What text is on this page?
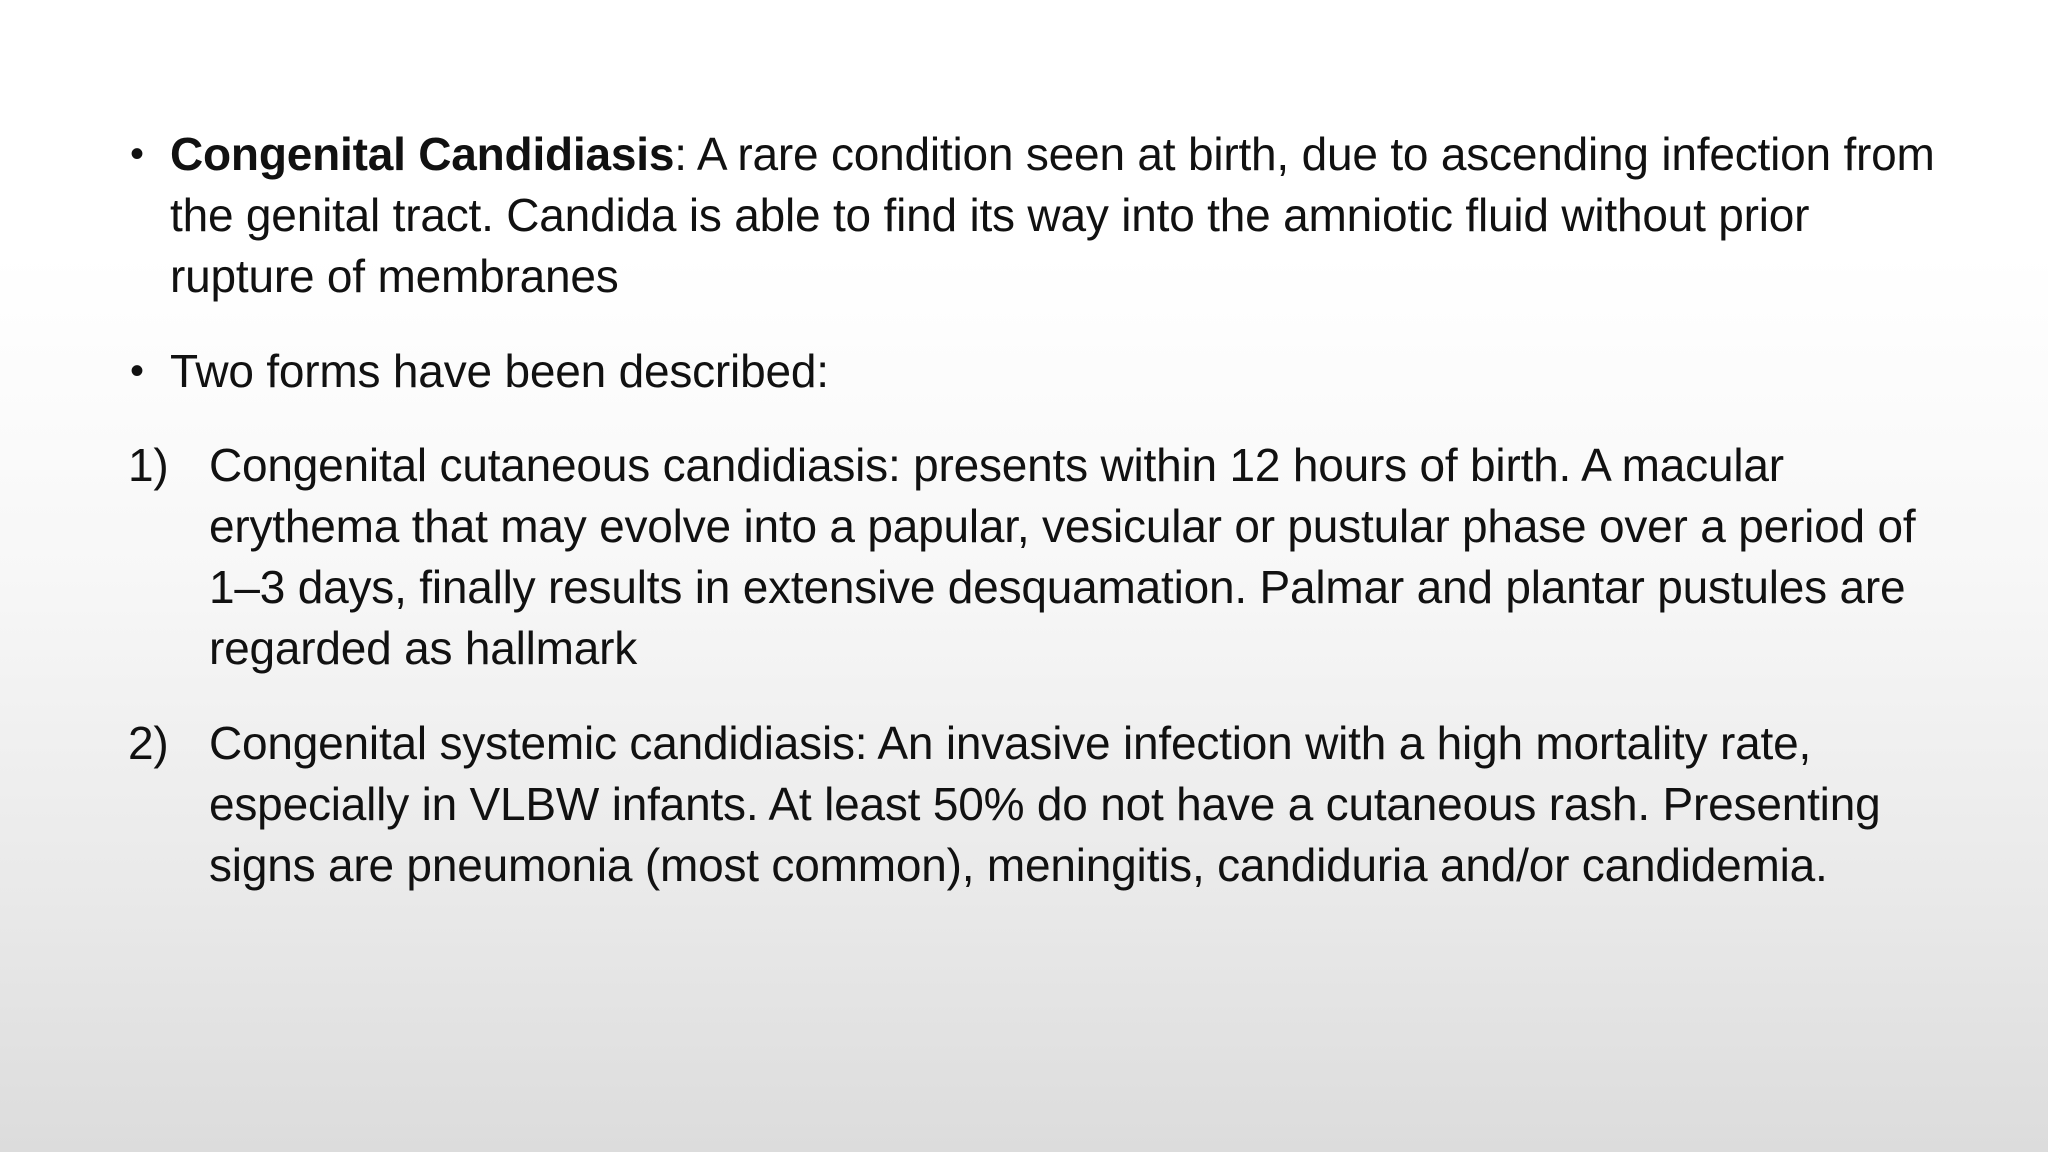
• Congenital Candidiasis: A rare condition seen at birth, due to ascending infection from the genital tract. Candida is able to find its way into the amniotic fluid without prior rupture of membranes
• Two forms have been described:
1) Congenital cutaneous candidiasis: presents within 12 hours of birth. A macular erythema that may evolve into a papular, vesicular or pustular phase over a period of 1–3 days, finally results in extensive desquamation. Palmar and plantar pustules are regarded as hallmark
2) Congenital systemic candidiasis: An invasive infection with a high mortality rate, especially in VLBW infants. At least 50% do not have a cutaneous rash. Presenting signs are pneumonia (most common), meningitis, candiduria and/or candidemia.
